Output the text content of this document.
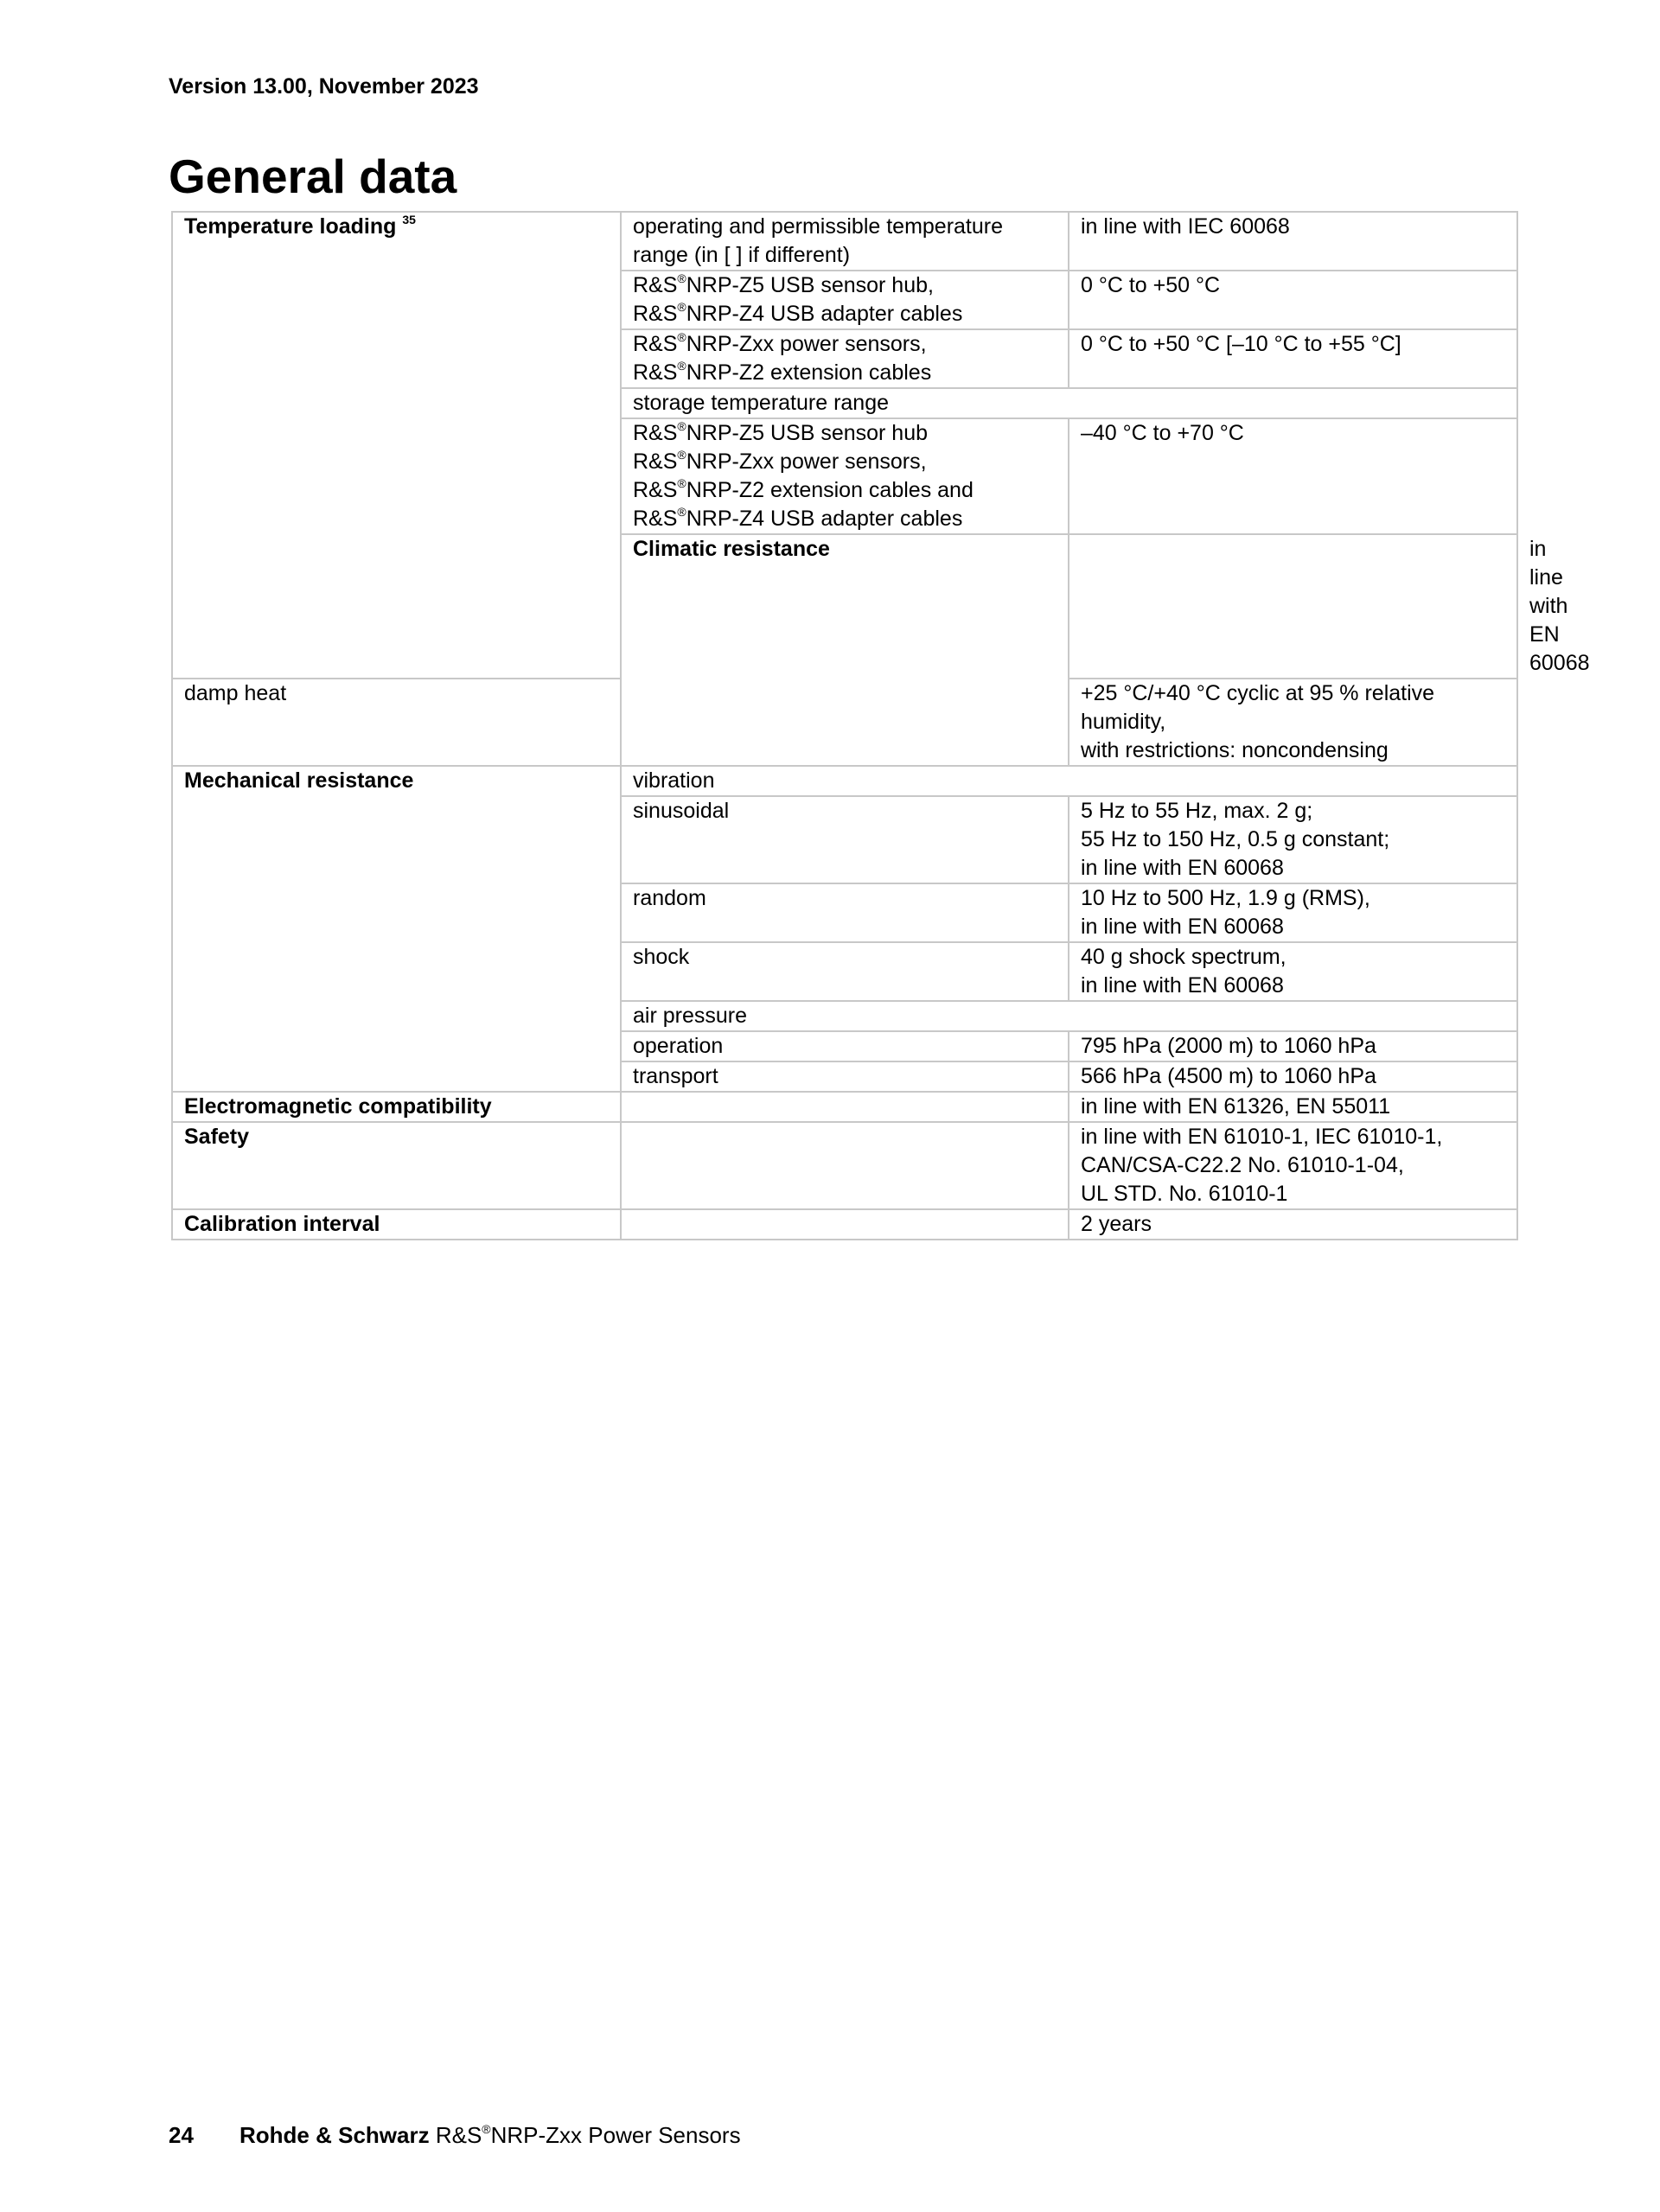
Version 13.00, November 2023
General data
Temperature loading $^{35}$	operating and permissible temperature range (in [ ] if different)	in line with IEC 60068	

	R&S®NRP-Z5 USB sensor hub,
R&S®NRP-Z4 USB adapter cables	0 °C to +50 °C	

	R&S®NRP-Zxx power sensors,
R&S®NRP-Z2 extension cables	0 °C to +50 °C [–10 °C to +55 °C]	
	storage temperature range		

	R&S®NRP-Z5 USB sensor hub
R&S®NRP-Zxx power sensors,
R&S®NRP-Z2 extension cables and
R&S®NRP-Z4 USB adapter cables	–40 °C to +70 °C	
	Climatic resistance		in line with EN 60068
damp heat		+25 °C/+40 °C cyclic at 95 % relative humidity,
with restrictions: noncondensing	

Mechanical resistance	vibration		
	sinusoidal	5 Hz to 55 Hz, max. 2 g;
55 Hz to 150 Hz, 0.5 g constant;
in line with EN 60068	

	random	10 Hz to 500 Hz, 1.9 g (RMS),
in line with EN 60068	

	shock	40 g shock spectrum,
in line with EN 60068	

	air pressure		
	operation	795 hPa (2000 m) to 1060 hPa	
	transport	566 hPa (4500 m) to 1060 hPa	
Electromagnetic compatibility		in line with EN 61326, EN 55011	
Safety		in line with EN 61010-1, IEC 61010-1,
CAN/CSA-C22.2 No. 61010-1-04,
UL STD. No. 61010-1	

Calibration interval		2 years	
24 Rohde & Schwarz R&S®NRP-Zxx Power Sensors
